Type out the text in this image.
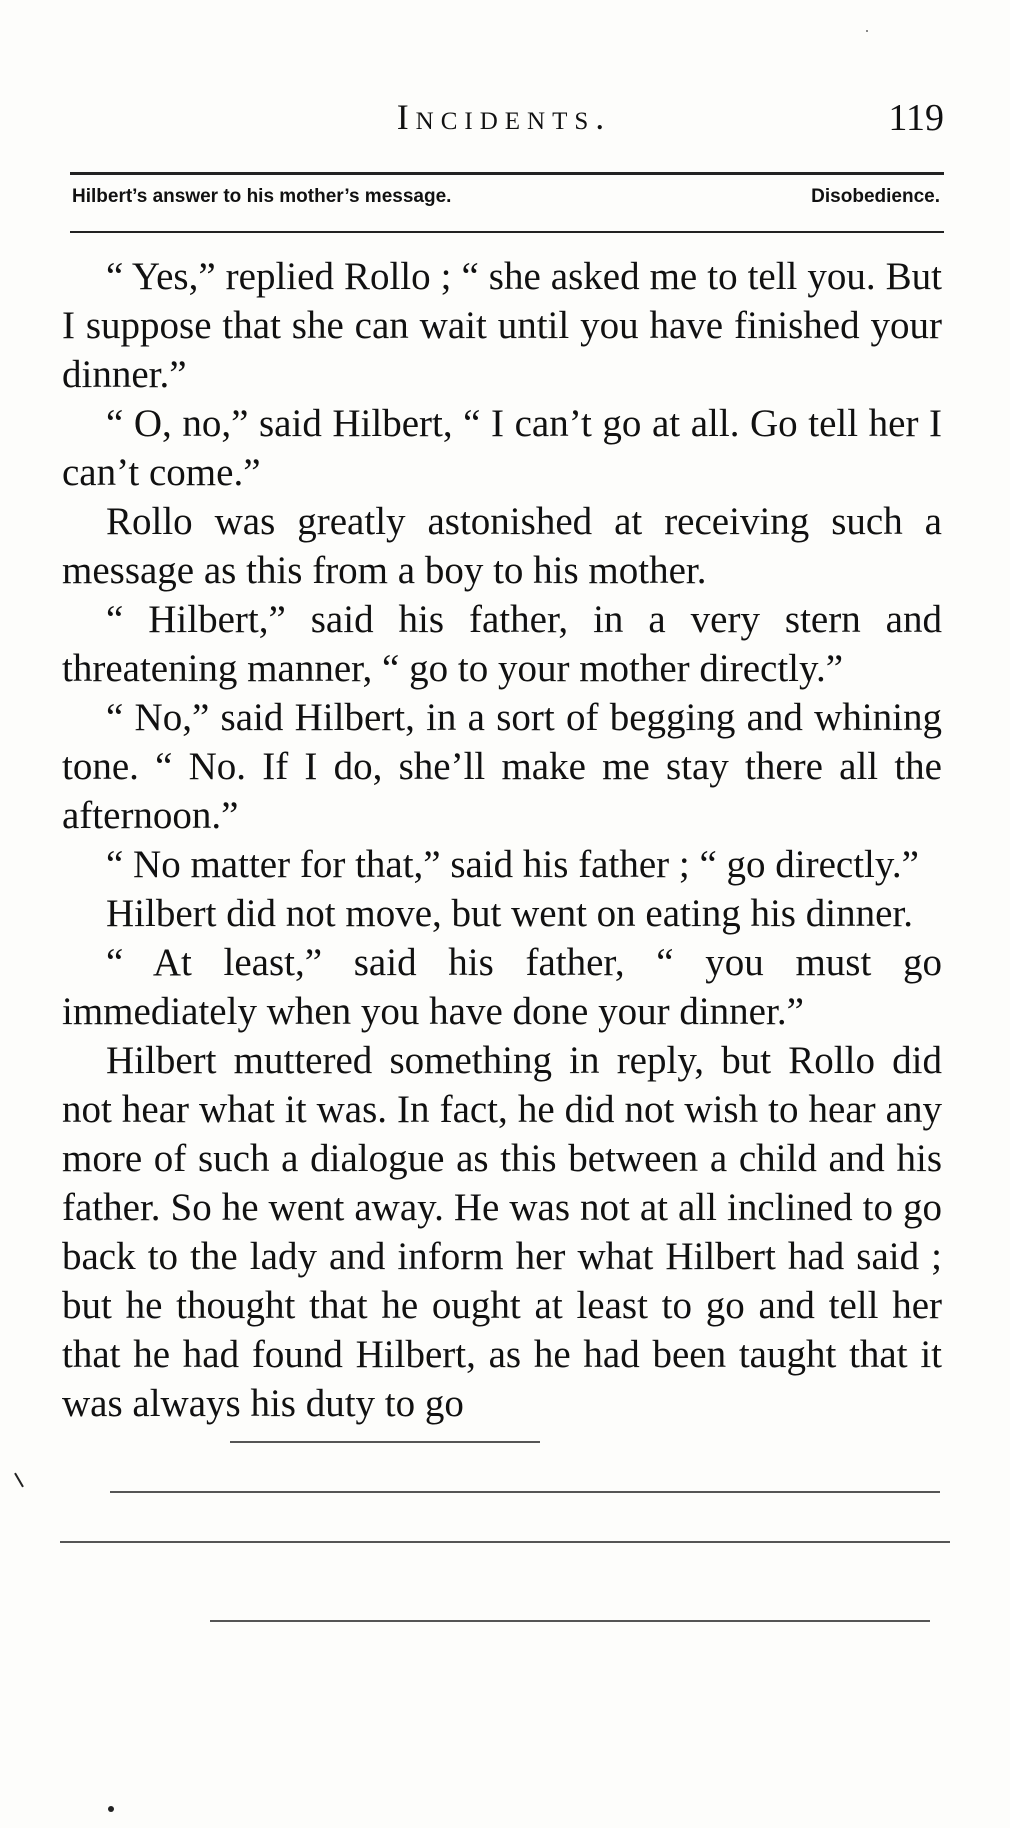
Incidents.	119
Hilbert’s answer to his mother’s message.	Disobedience.

“ Yes,” replied Rollo ; “ she asked me to tell you. But I suppose that she can wait until you have finished your dinner.”

“ O, no,” said Hilbert, “ I can’t go at all. Go tell her I can’t come.”

Rollo was greatly astonished at receiving such a message as this from a boy to his mother.

“ Hilbert,” said his father, in a very stern and threatening manner, “ go to your mother directly.”

“ No,” said Hilbert, in a sort of begging and whining tone. “ No. If I do, she’ll make me stay there all the afternoon.”

“ No matter for that,” said his father ; “ go directly.”

Hilbert did not move, but went on eating his dinner.

“ At least,” said his father, “ you must go immediately when you have done your dinner.”

Hilbert muttered something in reply, but Rollo did not hear what it was. In fact, he did not wish to hear any more of such a dialogue as this between a child and his father. So he went away. He was not at all inclined to go back to the lady and inform her what Hilbert had said ; but he thought that he ought at least to go and tell her that he had found Hilbert, as he had been taught that it was always his duty to go
